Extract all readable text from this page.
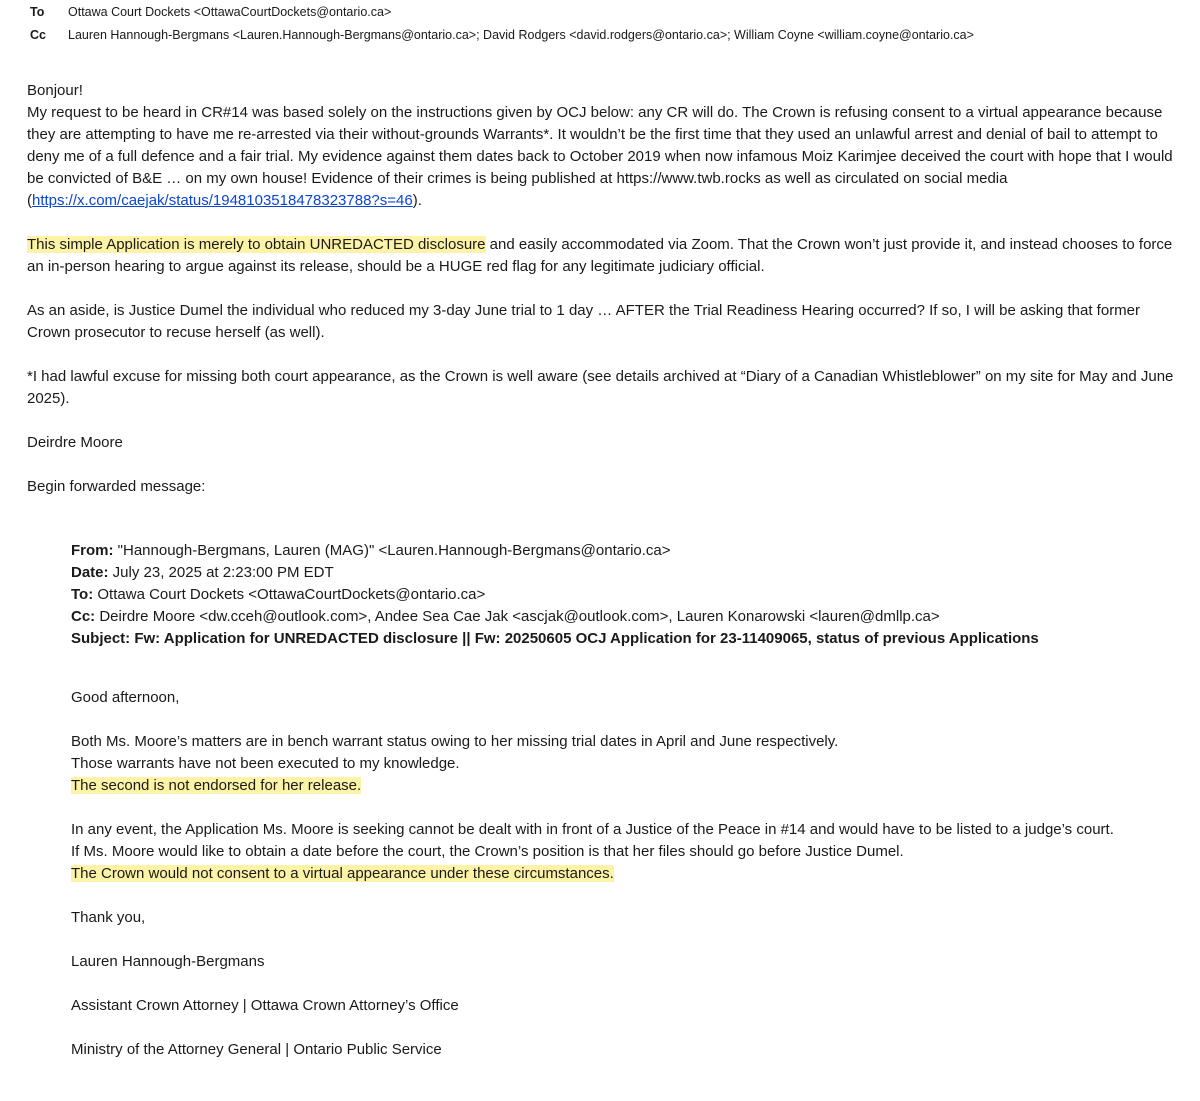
To Ottawa Court Dockets <OttawaCourtDockets@ontario.ca>
Cc Lauren Hannough-Bergmans <Lauren.Hannough-Bergmans@ontario.ca>; David Rodgers <david.rodgers@ontario.ca>; William Coyne <william.coyne@ontario.ca>

Bonjour!

My request to be heard in CR#14 was based solely on the instructions given by OCJ below: any CR will do. The Crown is refusing consent to a virtual appearance because they are attempting to have me re-arrested via their without-grounds Warrants*. It wouldn’t be the first time that they used an unlawful arrest and denial of bail to attempt to deny me of a full defence and a fair trial. My evidence against them dates back to October 2019 when now infamous Moiz Karimjee deceived the court with hope that I would be convicted of B&E … on my own house! Evidence of their crimes is being published at https://www.twb.rocks as well as circulated on social media (https://x.com/caejak/status/1948103518478323788?s=46).

This simple Application is merely to obtain UNREDACTED disclosure and easily accommodated via Zoom. That the Crown won’t just provide it, and instead chooses to force an in-person hearing to argue against its release, should be a HUGE red flag for any legitimate judiciary official.

As an aside, is Justice Dumel the individual who reduced my 3-day June trial to 1 day … AFTER the Trial Readiness Hearing occurred? If so, I will be asking that former Crown prosecutor to recuse herself (as well).

*I had lawful excuse for missing both court appearance, as the Crown is well aware (see details archived at “Diary of a Canadian Whistleblower” on my site for May and June 2025).

Deirdre Moore

Begin forwarded message:

From: "Hannough-Bergmans, Lauren (MAG)" <Lauren.Hannough-Bergmans@ontario.ca>

Date: July 23, 2025 at 2:23:00 PM EDT

To: Ottawa Court Dockets <OttawaCourtDockets@ontario.ca>

Cc: Deirdre Moore <dw.cceh@outlook.com>, Andee Sea Cae Jak <ascjak@outlook.com>, Lauren Konarowski <lauren@dmllp.ca>

Subject: Fw: Application for UNREDACTED disclosure || Fw: 20250605 OCJ Application for 23-11409065, status of previous Applications

Good afternoon,

Both Ms. Moore’s matters are in bench warrant status owing to her missing trial dates in April and June respectively.

Those warrants have not been executed to my knowledge.

The second is not endorsed for her release.

In any event, the Application Ms. Moore is seeking cannot be dealt with in front of a Justice of the Peace in #14 and would have to be listed to a judge’s court.

If Ms. Moore would like to obtain a date before the court, the Crown’s position is that her files should go before Justice Dumel.

The Crown would not consent to a virtual appearance under these circumstances.

Thank you,

Lauren Hannough-Bergmans

Assistant Crown Attorney | Ottawa Crown Attorney’s Office

Ministry of the Attorney General | Ontario Public Service
